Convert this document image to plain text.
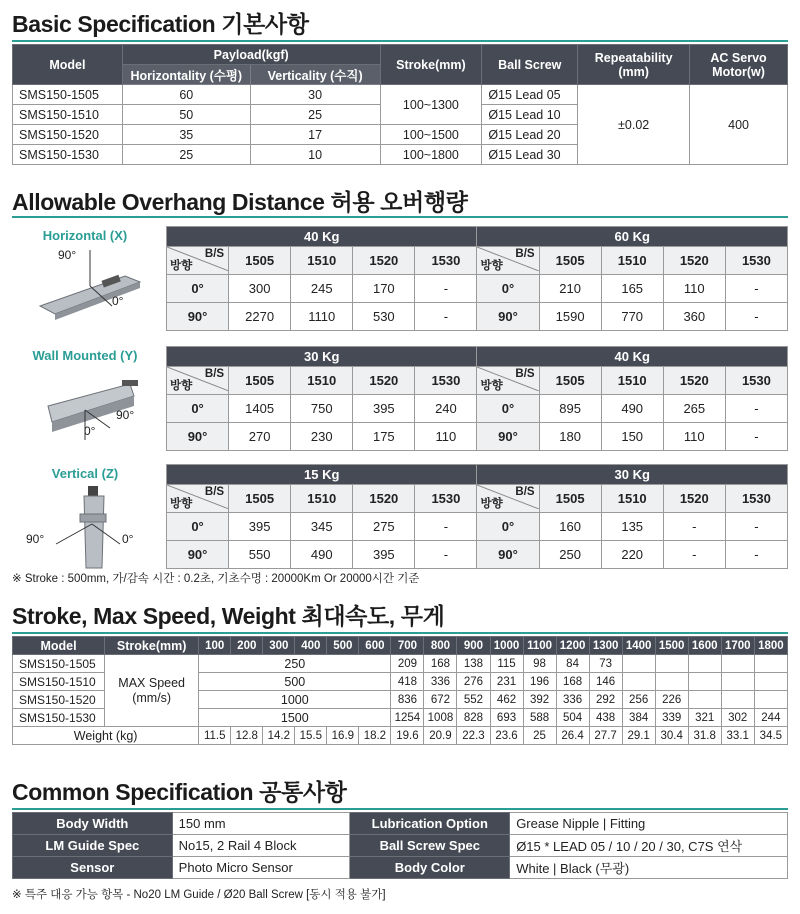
Basic Specification 기본사항
Model	Payload(kgf)		Stroke(mm)	Ball Screw	Repeatability (mm)	AC Servo Motor(w)
	Horizontality (수평)	Verticality (수직)				
SMS150-1505	60	30	100~1300	Ø15 Lead 05	±0.02	400
SMS150-1510	50	25		Ø15 Lead 10		
SMS150-1520	35	17	100~1500	Ø15 Lead 20		
SMS150-1530	25	10	100~1800	Ø15 Lead 30		
Allowable Overhang Distance 허용 오버행량
Horizontal (X)
90°
0°
40 Kg					60 Kg				

B/S
방향	1505	1510	1520	1530	B/S
방향	1505	1510	1520	1530
0°	300	245	170	-	0°	210	165	110	-
90°	2270	1110	530	-	90°	1590	770	360	-
Wall Mounted (Y)
90°
0°
30 Kg					40 Kg				

B/S
방향	1505	1510	1520	1530	B/S
방향	1505	1510	1520	1530
0°	1405	750	395	240	0°	895	490	265	-
90°	270	230	175	110	90°	180	150	110	-
Vertical (Z)
90°	0°
15 Kg					30 Kg				

B/S
방향	1505	1510	1520	1530	B/S
방향	1505	1510	1520	1530
0°	395	345	275	-	0°	160	135	-	-
90°	550	490	395	-	90°	250	220	-	-
※ Stroke : 500mm, 가/감속 시간 : 0.2초, 기초수명 : 20000Km Or 20000시간 기준
Stroke, Max Speed, Weight 최대속도, 무게
Model	Stroke(mm)	100	200	300	400	500	600	700	800	900	1000	1100	1200	1300	1400	1500	1600	1700	1800
SMS150-1505	MAX Speed
(mm/s)	250						209	168	138	115	98	84	73					
SMS150-1510		500						418	336	276	231	196	168	146					
SMS150-1520		1000						836	672	552	462	392	336	292	256	226			
SMS150-1530		1500						1254	1008	828	693	588	504	438	384	339	321	302	244
Weight (kg)		11.5	12.8	14.2	15.5	16.9	18.2	19.6	20.9	22.3	23.6	25	26.4	27.7	29.1	30.4	31.8	33.1	34.5
Common Specification 공통사항
Body Width	150 mm	Lubrication Option	Grease Nipple | Fitting
LM Guide Spec	No15, 2 Rail 4 Block	Ball Screw Spec	Ø15 * LEAD 05 / 10 / 20 / 30, C7S 연삭
Sensor	Photo Micro Sensor	Body Color	White | Black (무광)
※ 특주 대응 가능 항목 - No20 LM Guide / Ø20 Ball Screw [동시 적용 불가]
